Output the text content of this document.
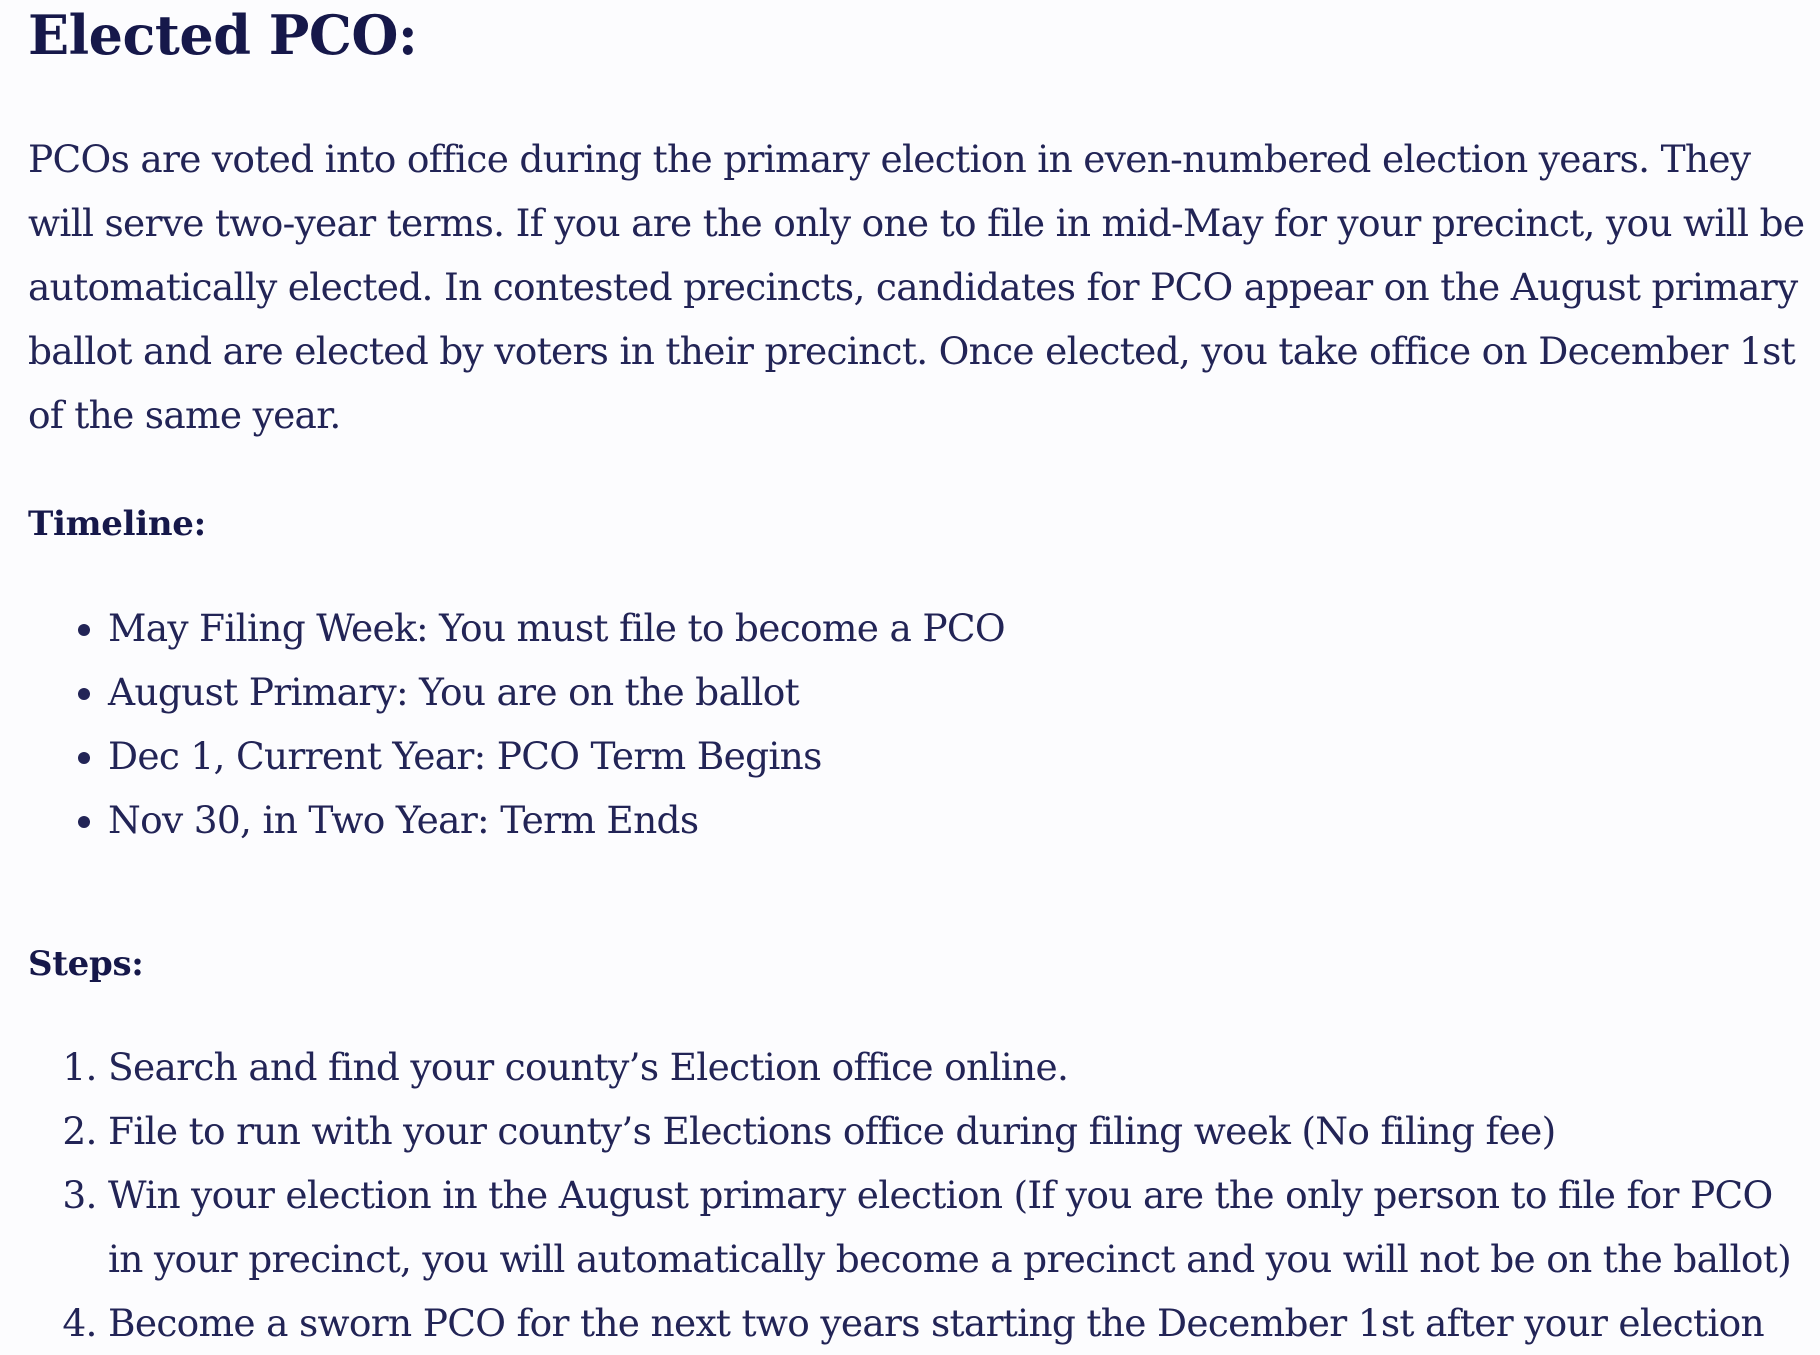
Elected PCO:

PCOs are voted into office during the primary election in even-numbered election years. They will serve two-year terms. If you are the only one to file in mid-May for your precinct, you will be automatically elected. In contested precincts, candidates for PCO appear on the August primary ballot and are elected by voters in their precinct. Once elected, you take office on December 1st of the same year.

Timeline:
• May Filing Week: You must file to become a PCO
• August Primary: You are on the ballot
• Dec 1, Current Year: PCO Term Begins
• Nov 30, in Two Year: Term Ends
Steps:
1. Search and find your county’s Election office online.
2. File to run with your county’s Elections office during filing week (No filing fee)
3. Win your election in the August primary election (If you are the only person to file for PCO in your precinct, you will automatically become a precinct and you will not be on the ballot)
4. Become a sworn PCO for the next two years starting the December 1st after your election
